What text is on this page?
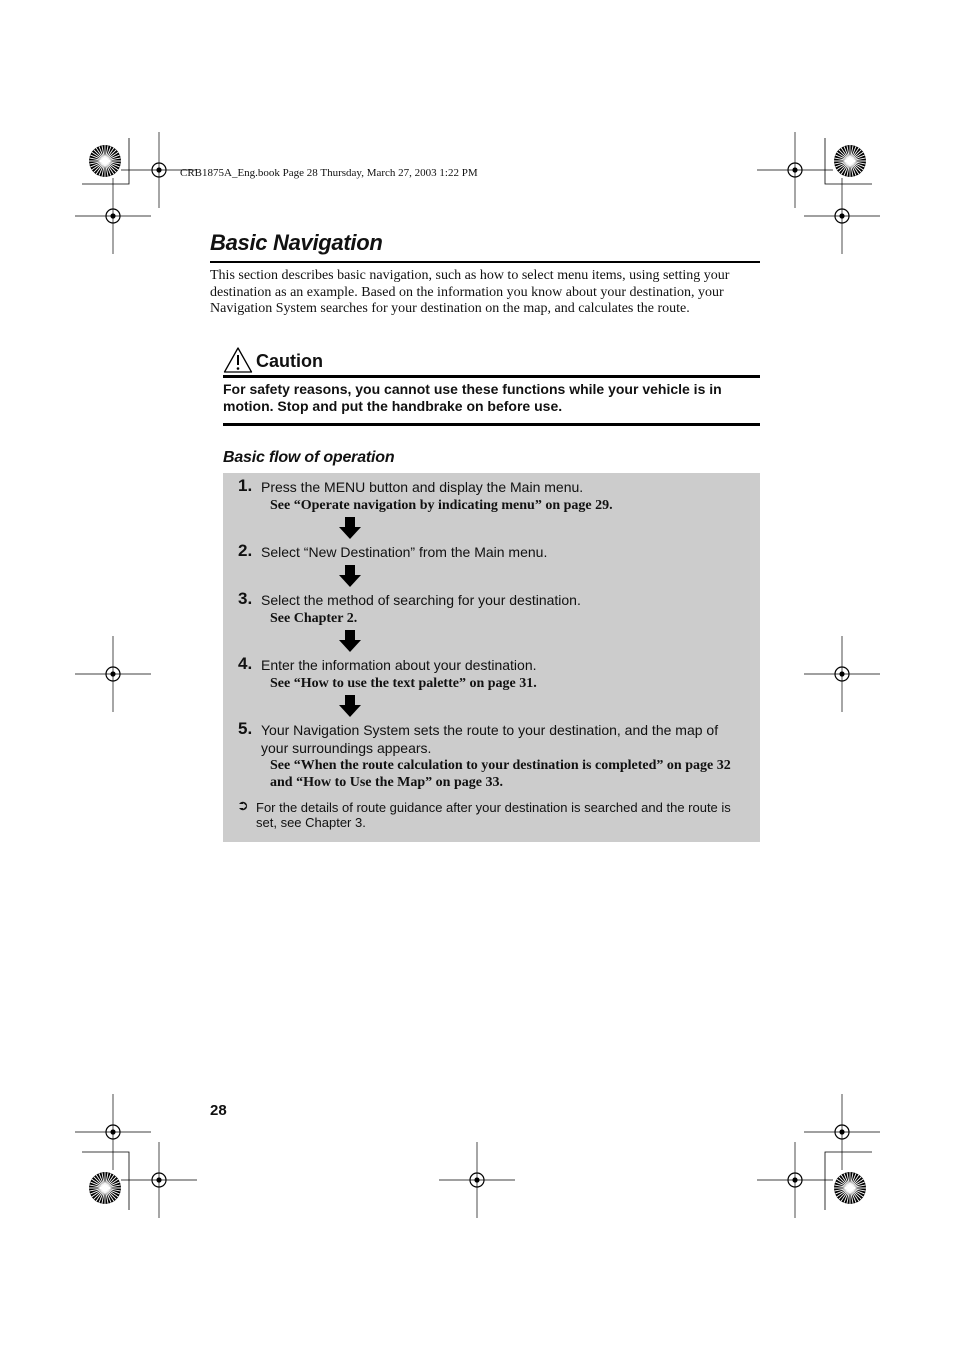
CRB1875A_Eng.book Page 28 Thursday, March 27, 2003 1:22 PM
Basic Navigation

This section describes basic navigation, such as how to select menu items, using setting your destination as an example. Based on the information you know about your destination, your Navigation System searches for your destination on the map, and calculates the route.

Caution

For safety reasons, you cannot use these functions while your vehicle is in motion. Stop and put the handbrake on before use.

Basic flow of operation
1. Press the MENU button and display the Main menu.

See “Operate navigation by indicating menu” on page 29.

2. Select “New Destination” from the Main menu.

3. Select the method of searching for your destination.

See Chapter 2.

4. Enter the information about your destination.

See “How to use the text palette” on page 31.

5. Your Navigation System sets the route to your destination, and the map of your surroundings appears.

See “When the route calculation to your destination is completed” on page 32 and “How to Use the Map” on page 33.

➲ For the details of route guidance after your destination is searched and the route is set, see Chapter 3.

28
